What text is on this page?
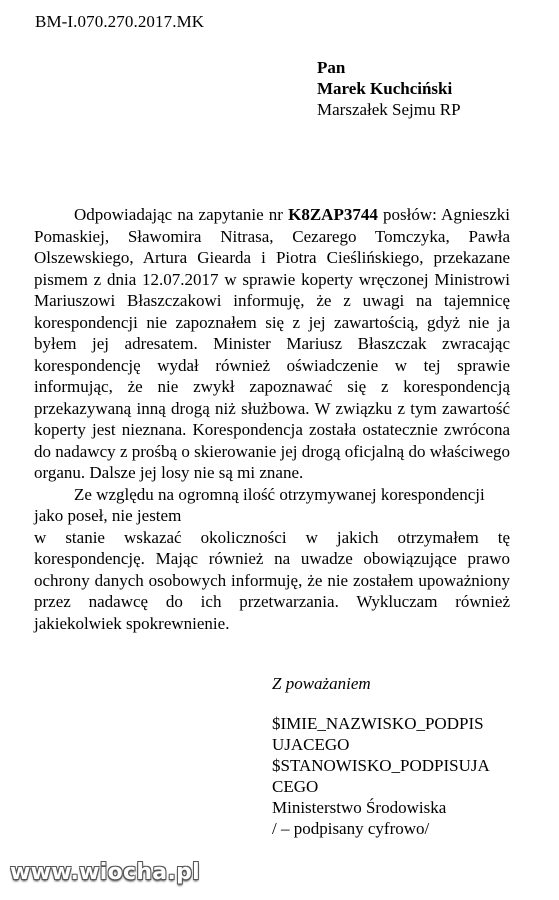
BM-I.070.270.2017.MK
Pan
Marek Kuchciński
Marszałek Sejmu RP

Odpowiadając na zapytanie nr K8ZAP3744 posłów: Agnieszki Pomaskiej, Sławomira Nitrasa, Cezarego Tomczyka, Pawła Olszewskiego, Artura Gieardа i Piotra Cieślińskiego, przekazane pismem z dnia 12.07.2017 w sprawie koperty wręczonej Ministrowi Mariuszowi Błaszczakowi informuję, że z uwagi na tajemnicę korespondencji nie zapoznałem się z jej zawartością, gdyż nie ja byłem jej adresatem. Minister Mariusz Błaszczak zwracając korespondencję wydał również oświadczenie w tej sprawie informując, że nie zwykł zapoznawać się z korespondencją przekazywaną inną drogą niż służbowa. W związku z tym zawartość koperty jest nieznana. Korespondencja została ostatecznie zwrócona do nadawcy z prośbą o skierowanie jej drogą oficjalną do właściwego organu. Dalsze jej losy nie są mi znane.

Ze względu na ogromną ilość otrzymywanej korespondencji

jako poseł, nie jestem

w stanie wskazać okoliczności w jakich otrzymałem tę korespondencję. Mając również na uwadze obowiązujące prawo ochrony danych osobowych informuję, że nie zostałem upoważniony przez nadawcę do ich przetwarzania. Wykluczam również jakiekolwiek spokrewnienie.

Z poważaniem
$IMIE_NAZWISKO_PODPIS
UJACEGO
$STANOWISKO_PODPISUJA
CEGO
Ministerstwo Środowiska
/ – podpisany cyfrowo/
www.wiocha.pl
